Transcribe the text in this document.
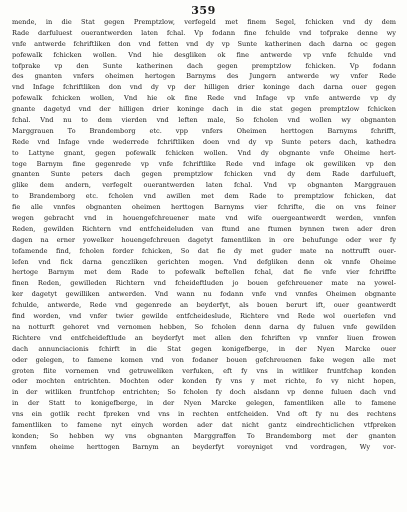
359
mende, in die Stat gegen Premptzlow, verfegeld met finem Segel, fchicken vnd dy dem
Rade darfuluest ouerantwerden laten fchal. Vp fodann fine fchulde vnd tofprake denne wy
vnfe antwerde fchriftliken don vnd fetten vnd dy vp Sunte katherinen dach darna oc gegen
pofewalk fchicken wollen. Vnd hie desgliken ok fine antwerde vp vnfe fchulde vnd
tofprake vp den Sunte katherinen dach gegen premptzlow fchicken. Vp fodann
des gnanten vnfers oheimen hertogen Barnyms des Jungern antwerde wy vnfer Rede
vnd Infage fchriftliken don vnd dy vp der hilligen drier koninge dach darna ouer gegen
pofewalk fchicken wollen, Vnd hie ok fine Rede vnd Infage vp vnfe antwerde vp dy
gnante dagetyd vnd der hilligen drier koninge dach in die stat gegen premptzlow fchicken
fchal. Vnd nu to dem vierden vnd leften male, So fcholen vnd wollen wy obgnanten
Marggrauen To Brandemborg etc. vpp vnfers Oheimen herttogen Barnyms fchrifft,
Rede vnd Infage vnde wederrede fchriftliken doen vnd dy vp Sunte peters dach, kathedra
to Lattyne gnant, gegen pofewalk fchicken wollen. Vnd dy obgnante vnfe Oheime hert-
toge Barnym fine gegenrede vp vnfe fchriftlike Rede vnd infage ok gewiliken vp den
gnanten Sunte peters dach gegen premptzlow fchicken vnd dy dem Rade darfulueft,
glike dem andern, verfegelt ouerantwerden laten fchal. Vnd vp obgnanten Marggrauen
to Brandemborg etc. fcholen vnd awillen met dem Rade to premptzlow fchicken, dat
fie alle vnnfes obgnanten oheimen herttogen Barnyms vier fchrifte, die on vns feiner
wegen gebracht vnd in houengefchreuener mate vnd wife ouergeantwerdt werden, vnnfen
Reden, gewilden Richtern vnd entfcheideluden van ftund ane ftumen bynnen twen ader dren
dagen na erner yowelker houengefchreuen dagetyt famentliken in ore behufunge oder wer fy
tofamende find, fcholen forder fchicken, So dat fie dy met guder mate na nottrufft ouer-
lefen vnd fick darna genczliken gerichten mogen. Vnd defgliken denn ok vnnfe Oheime
hertoge Barnym met dem Rade to pofewalk beftellen fchal, dat fie vnfe vier fchriffte
finen Reden, gewilleden Richtern vnd fcheideftluden jo bouen gefchreuener mate na yowel-
ker dagetyt gewilliken antwerden. Vnd wann nu fodann vnfe vnd vnnfes Oheimen obgnante
fchulde, antwerde, Rede vnd gegenrede an beyderfyt, als bouen berurt ift, ouer geantwerdt
find worden, vnd vnfer twier gewilde entfcheideslude, Richtere vnd Rede wol ouerlefen vnd
na notturft gehoret vnd vernomen hebben, So fcholen denn darna dy fuluen vnfe gewilden
Richtere vnd entfcheideftlude an beyderfyt met allen den fchriften vp vnnfer liuen frowen
dach annunciacionis fchirft in die Stat gegen konigefberge, in der Nyen Marcke ouer
oder gelegen, to famene komen vnd von fodaner bouen gefchreuenen fake wegen alle met
groten flite vornemen vnd getruweliken verfuken, eft fy vns in witliker fruntfchap konden
oder mochten entrichten. Mochten oder konden fy vns y met richte, fo vy nicht hopen,
in der witliken fruntfchop entrichten; So fcholen fy doch alsdann vp denne fuluen dach vnd
in der Statt to konigefberge, in der Nyen Marcke gelegen, famentliken alle to famene
vns ein gotlik recht fpreken vnd vns in rechten entfcheiden. Vnd oft fy nu des rechtens
famentliken to famene nyt einych worden ader dat nicht gantz eindrechticlichen vtfpreken
konden; So hebben wy vns obgnanten Marggraffen To Brandemborg met der gnanten
vnnfem oheime herttogen Barnym an beyderfyt voreyniget vnd vordragen, Wy vor-
